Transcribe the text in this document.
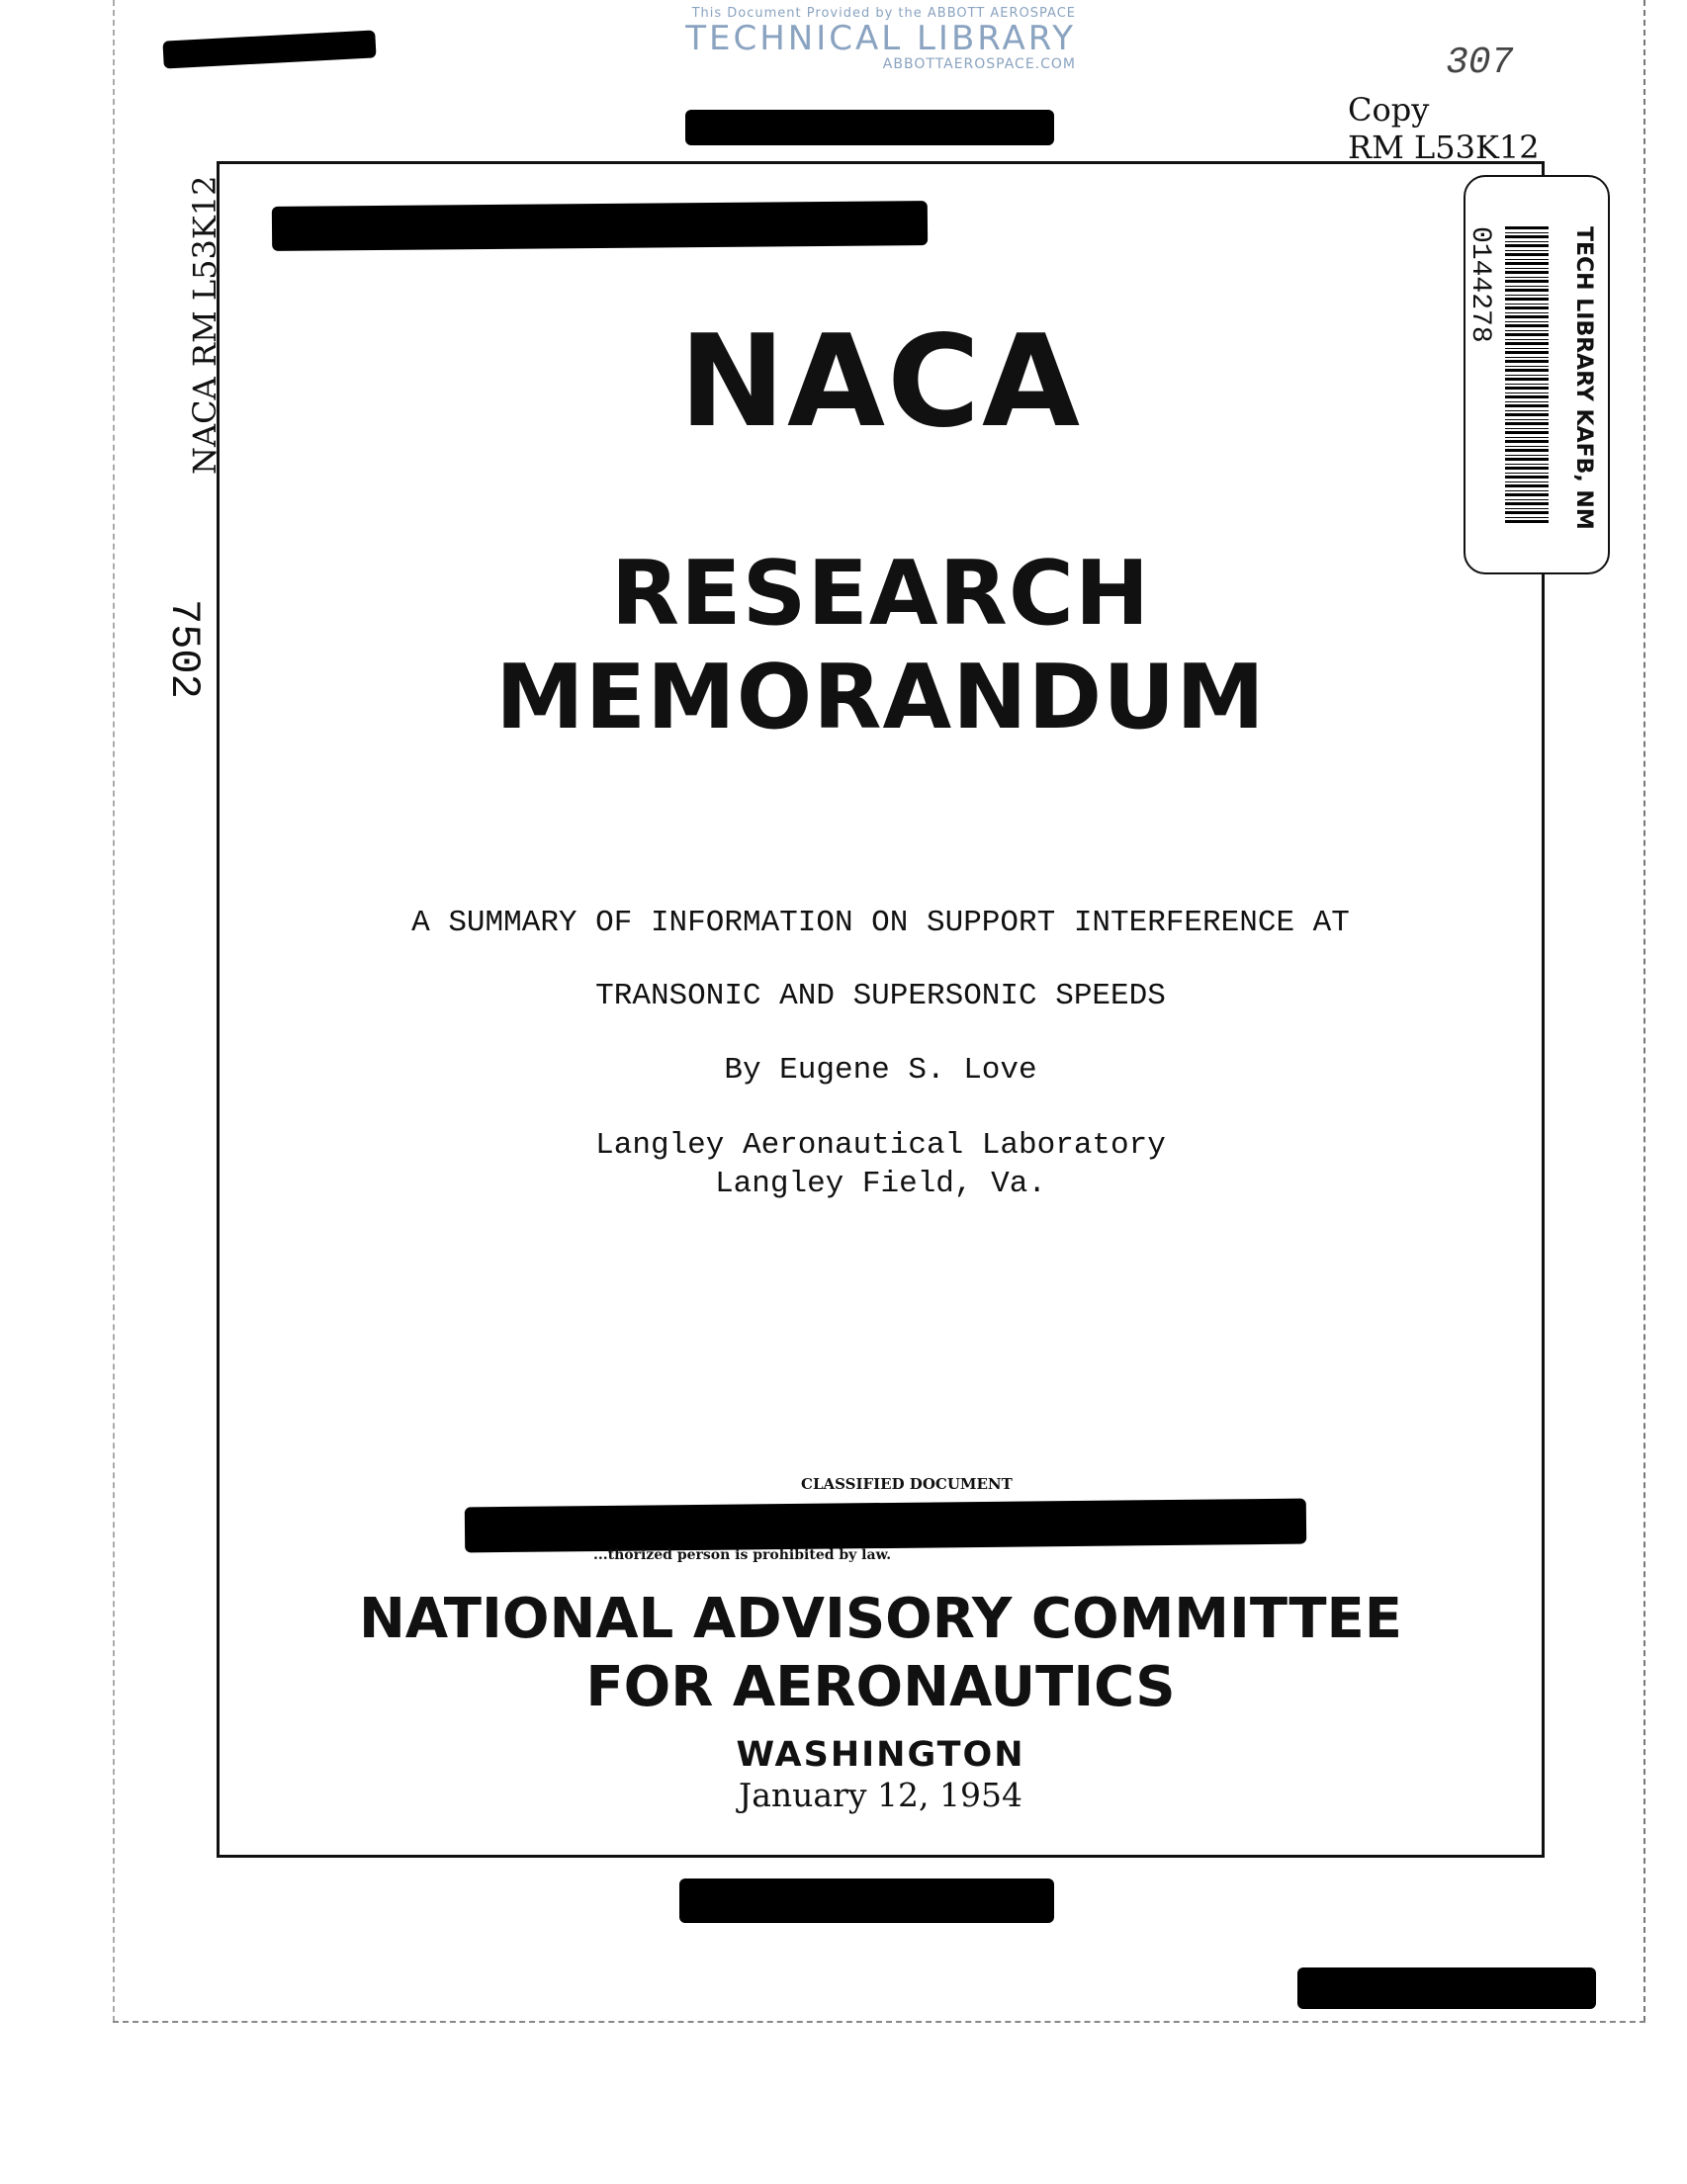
This Document Provided by the ABBOTT AEROSPACE
TECHNICAL LIBRARY
ABBOTTAEROSPACE.COM	307
Copy
RM L53K12
NACA RM L53K12
7502
TECH LIBRARY KAFB, NM
0144278
NACA
RESEARCH MEMORANDUM
A SUMMARY OF INFORMATION ON SUPPORT INTERFERENCE AT
TRANSONIC AND SUPERSONIC SPEEDS
By Eugene S. Love
Langley Aeronautical Laboratory
Langley Field, Va.
CLASSIFIED DOCUMENT
...thorized person is prohibited by law.
NATIONAL ADVISORY COMMITTEE
FOR AERONAUTICS
WASHINGTON
January 12, 1954
